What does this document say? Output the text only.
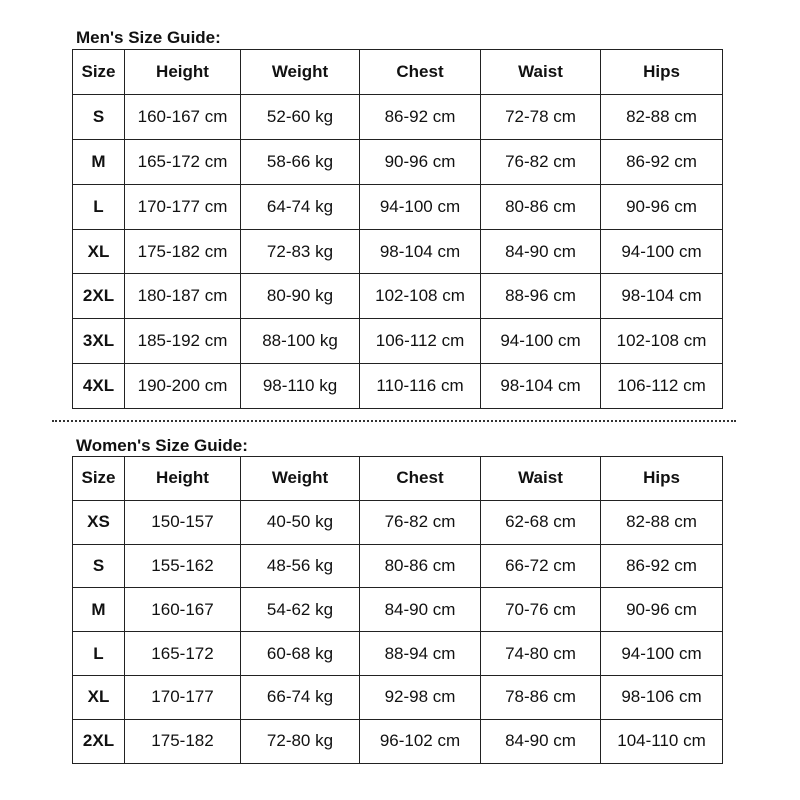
Men's Size Guide:
Size	Height	Weight	Chest	Waist	Hips
S	160-167 cm	52-60 kg	86-92 cm	72-78 cm	82-88 cm
M	165-172 cm	58-66 kg	90-96 cm	76-82 cm	86-92 cm
L	170-177 cm	64-74 kg	94-100 cm	80-86 cm	90-96 cm
XL	175-182 cm	72-83 kg	98-104 cm	84-90 cm	94-100 cm
2XL	180-187 cm	80-90 kg	102-108 cm	88-96 cm	98-104 cm
3XL	185-192 cm	88-100 kg	106-112 cm	94-100 cm	102-108 cm
4XL	190-200 cm	98-110 kg	110-116 cm	98-104 cm	106-112 cm
Women's Size Guide:
Size	Height	Weight	Chest	Waist	Hips
XS	150-157	40-50 kg	76-82 cm	62-68 cm	82-88 cm
S	155-162	48-56 kg	80-86 cm	66-72 cm	86-92 cm
M	160-167	54-62 kg	84-90 cm	70-76 cm	90-96 cm
L	165-172	60-68 kg	88-94 cm	74-80 cm	94-100 cm
XL	170-177	66-74 kg	92-98 cm	78-86 cm	98-106 cm
2XL	175-182	72-80 kg	96-102 cm	84-90 cm	104-110 cm
